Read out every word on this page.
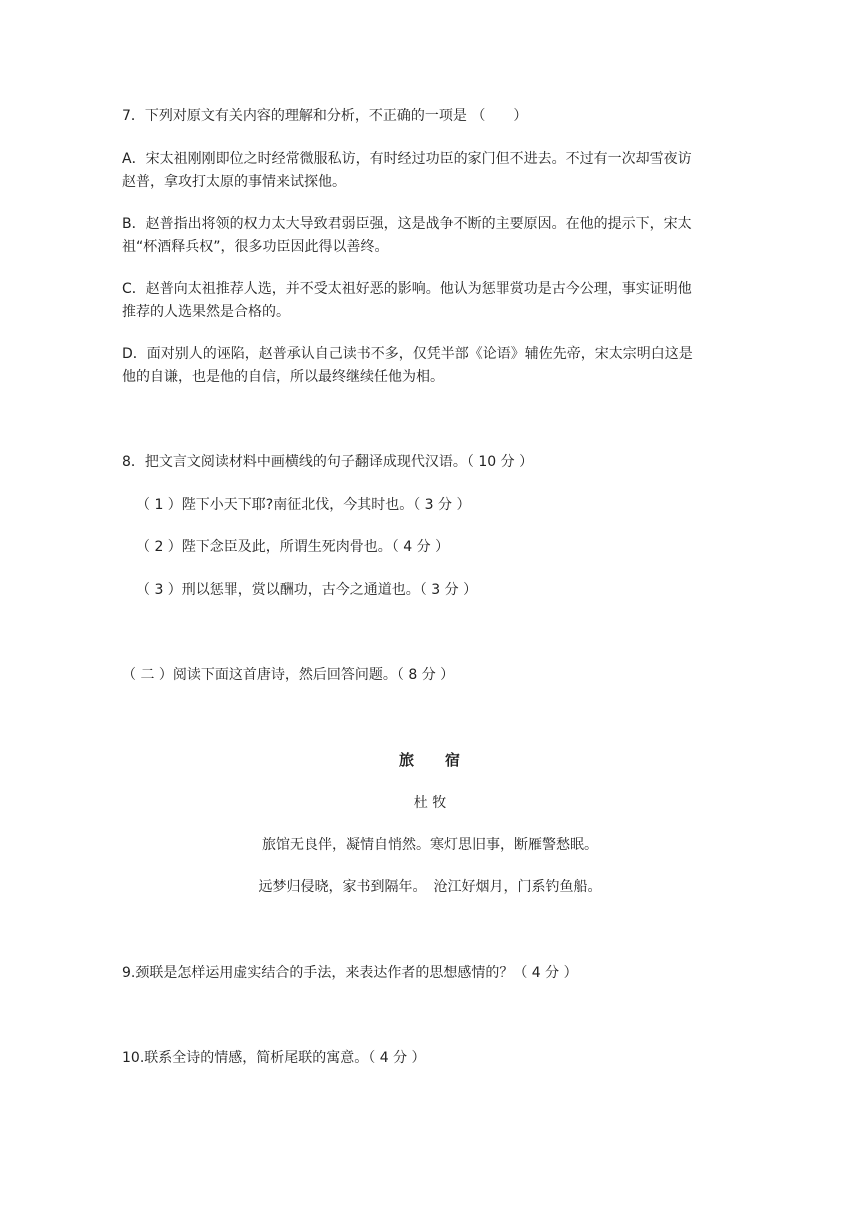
7．下列对原文有关内容的理解和分析，不正确的一项是 （　　）
A．宋太祖刚刚即位之时经常微服私访，有时经过功臣的家门但不进去。不过有一次却雪夜访
赵普，拿攻打太原的事情来试探他。
B．赵普指出将领的权力太大导致君弱臣强，这是战争不断的主要原因。在他的提示下，宋太
祖“杯酒释兵权”，很多功臣因此得以善终。
C．赵普向太祖推荐人选，并不受太祖好恶的影响。他认为惩罪赏功是古今公理，事实证明他
推荐的人选果然是合格的。
D．面对别人的诬陷，赵普承认自己读书不多，仅凭半部《论语》辅佐先帝，宋太宗明白这是
他的自谦，也是他的自信，所以最终继续任他为相。
8．把文言文阅读材料中画横线的句子翻译成现代汉语。（ 10 分 ）
（ 1 ）陛下小天下耶?南征北伐，今其时也。（ 3 分 ）
（ 2 ）陛下念臣及此，所谓生死肉骨也。（ 4 分 ）
（ 3 ）刑以惩罪，赏以酬功，古今之通道也。（ 3 分 ）
（ 二 ）阅读下面这首唐诗，然后回答问题。（ 8 分 ）
旅 宿
杜 牧
旅馆无良伴，凝情自悄然。寒灯思旧事，断雁警愁眠。
远梦归侵晓，家书到隔年。　沧江好烟月，门系钓鱼船。
9.颈联是怎样运用虚实结合的手法，来表达作者的思想感情的？（ 4 分 ）
10.联系全诗的情感，简析尾联的寓意。（ 4 分 ）
